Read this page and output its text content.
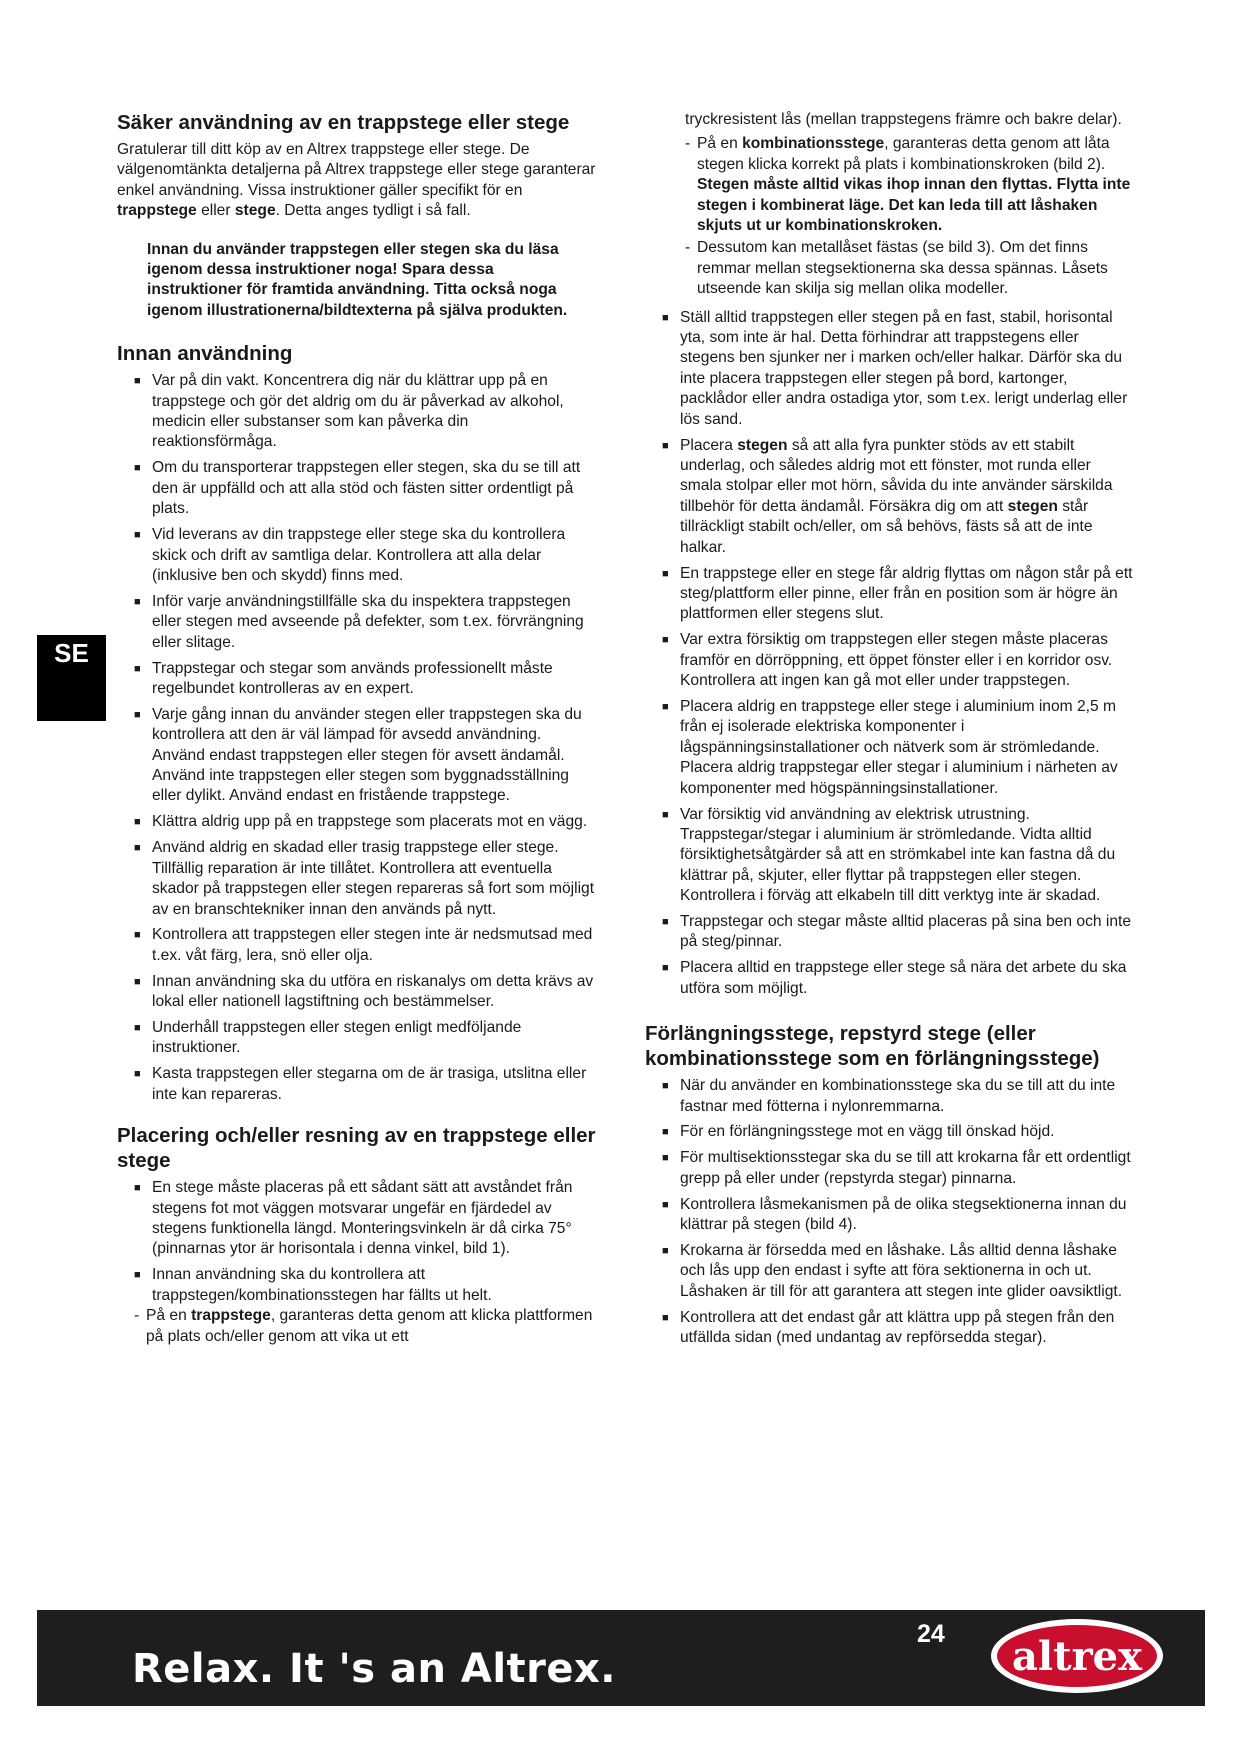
Säker användning av en trappstege eller stege

Gratulerar till ditt köp av en Altrex trappstege eller stege. De välgenomtänkta detaljerna på Altrex trappstege eller stege garanterar enkel användning. Vissa instruktioner gäller specifikt för en trappstege eller stege. Detta anges tydligt i så fall.

Innan du använder trappstegen eller stegen ska du läsa igenom dessa instruktioner noga! Spara dessa instruktioner för framtida användning. Titta också noga igenom illustrationerna/bildtexterna på själva produkten.

Innan användning
■ Var på din vakt. Koncentrera dig när du klättrar upp på en trappstege och gör det aldrig om du är påverkad av alkohol, medicin eller substanser som kan påverka din reaktionsförmåga.
■ Om du transporterar trappstegen eller stegen, ska du se till att den är uppfälld och att alla stöd och fästen sitter ordentligt på plats.
■ Vid leverans av din trappstege eller stege ska du kontrollera skick och drift av samtliga delar. Kontrollera att alla delar (inklusive ben och skydd) finns med.
■ Inför varje användningstillfälle ska du inspektera trappstegen eller stegen med avseende på defekter, som t.ex. förvrängning eller slitage.
■ Trappstegar och stegar som används professionellt måste regelbundet kontrolleras av en expert.
■ Varje gång innan du använder stegen eller trappstegen ska du kontrollera att den är väl lämpad för avsedd användning. Använd endast trappstegen eller stegen för avsett ändamål. Använd inte trappstegen eller stegen som byggnadsställning eller dylikt. Använd endast en fristående trappstege.
■ Klättra aldrig upp på en trappstege som placerats mot en vägg.
■ Använd aldrig en skadad eller trasig trappstege eller stege. Tillfällig reparation är inte tillåtet. Kontrollera att eventuella skador på trappstegen eller stegen repareras så fort som möjligt av en branschtekniker innan den används på nytt.
■ Kontrollera att trappstegen eller stegen inte är nedsmutsad med t.ex. våt färg, lera, snö eller olja.
■ Innan användning ska du utföra en riskanalys om detta krävs av lokal eller nationell lagstiftning och bestämmelser.
■ Underhåll trappstegen eller stegen enligt medföljande instruktioner.
■ Kasta trappstegen eller stegarna om de är trasiga, utslitna eller inte kan repareras.
Placering och/eller resning av en trappstege eller stege
■ En stege måste placeras på ett sådant sätt att avståndet från stegens fot mot väggen motsvarar ungefär en fjärdedel av stegens funktionella längd. Monteringsvinkeln är då cirka 75° (pinnarnas ytor är horisontala i denna vinkel, bild 1).
■ Innan användning ska du kontrollera att trappstegen/kombinationsstegen har fällts ut helt.
- På en trappstege, garanteras detta genom att klicka plattformen på plats och/eller genom att vika ut ett

tryckresistent lås (mellan trappstegens främre och bakre delar).

- På en kombinationsstege, garanteras detta genom att låta stegen klicka korrekt på plats i kombinationskroken (bild 2). Stegen måste alltid vikas ihop innan den flyttas. Flytta inte stegen i kombinerat läge. Det kan leda till att låshaken skjuts ut ur kombinationskroken.
- Dessutom kan metallåset fästas (se bild 3). Om det finns remmar mellan stegsektionerna ska dessa spännas. Låsets utseende kan skilja sig mellan olika modeller.
■ Ställ alltid trappstegen eller stegen på en fast, stabil, horisontal yta, som inte är hal. Detta förhindrar att trappstegens eller stegens ben sjunker ner i marken och/eller halkar. Därför ska du inte placera trappstegen eller stegen på bord, kartonger, packlådor eller andra ostadiga ytor, som t.ex. lerigt underlag eller lös sand.
■ Placera stegen så att alla fyra punkter stöds av ett stabilt underlag, och således aldrig mot ett fönster, mot runda eller smala stolpar eller mot hörn, såvida du inte använder särskilda tillbehör för detta ändamål. Försäkra dig om att stegen står tillräckligt stabilt och/eller, om så behövs, fästs så att de inte halkar.
■ En trappstege eller en stege får aldrig flyttas om någon står på ett steg/plattform eller pinne, eller från en position som är högre än plattformen eller stegens slut.
■ Var extra försiktig om trappstegen eller stegen måste placeras framför en dörröppning, ett öppet fönster eller i en korridor osv. Kontrollera att ingen kan gå mot eller under trappstegen.
■ Placera aldrig en trappstege eller stege i aluminium inom 2,5 m från ej isolerade elektriska komponenter i lågspänningsinstallationer och nätverk som är strömledande. Placera aldrig trappstegar eller stegar i aluminium i närheten av komponenter med högspänningsinstallationer.
■ Var försiktig vid användning av elektrisk utrustning. Trappstegar/stegar i aluminium är strömledande. Vidta alltid försiktighetsåtgärder så att en strömkabel inte kan fastna då du klättrar på, skjuter, eller flyttar på trappstegen eller stegen. Kontrollera i förväg att elkabeln till ditt verktyg inte är skadad.
■ Trappstegar och stegar måste alltid placeras på sina ben och inte på steg/pinnar.
■ Placera alltid en trappstege eller stege så nära det arbete du ska utföra som möjligt.
Förlängningsstege, repstyrd stege (eller kombinationsstege som en förlängningsstege)
■ När du använder en kombinationsstege ska du se till att du inte fastnar med fötterna i nylonremmarna.
■ För en förlängningsstege mot en vägg till önskad höjd.
■ För multisektionsstegar ska du se till att krokarna får ett ordentligt grepp på eller under (repstyrda stegar) pinnarna.
■ Kontrollera låsmekanismen på de olika stegsektionerna innan du klättrar på stegen (bild 4).
■ Krokarna är försedda med en låshake. Lås alltid denna låshake och lås upp den endast i syfte att föra sektionerna in och ut. Låshaken är till för att garantera att stegen inte glider oavsiktligt.
■ Kontrollera att det endast går att klättra upp på stegen från den utfällda sidan (med undantag av repförsedda stegar).
SE
Relax. It 's an Altrex.
24 altrex
